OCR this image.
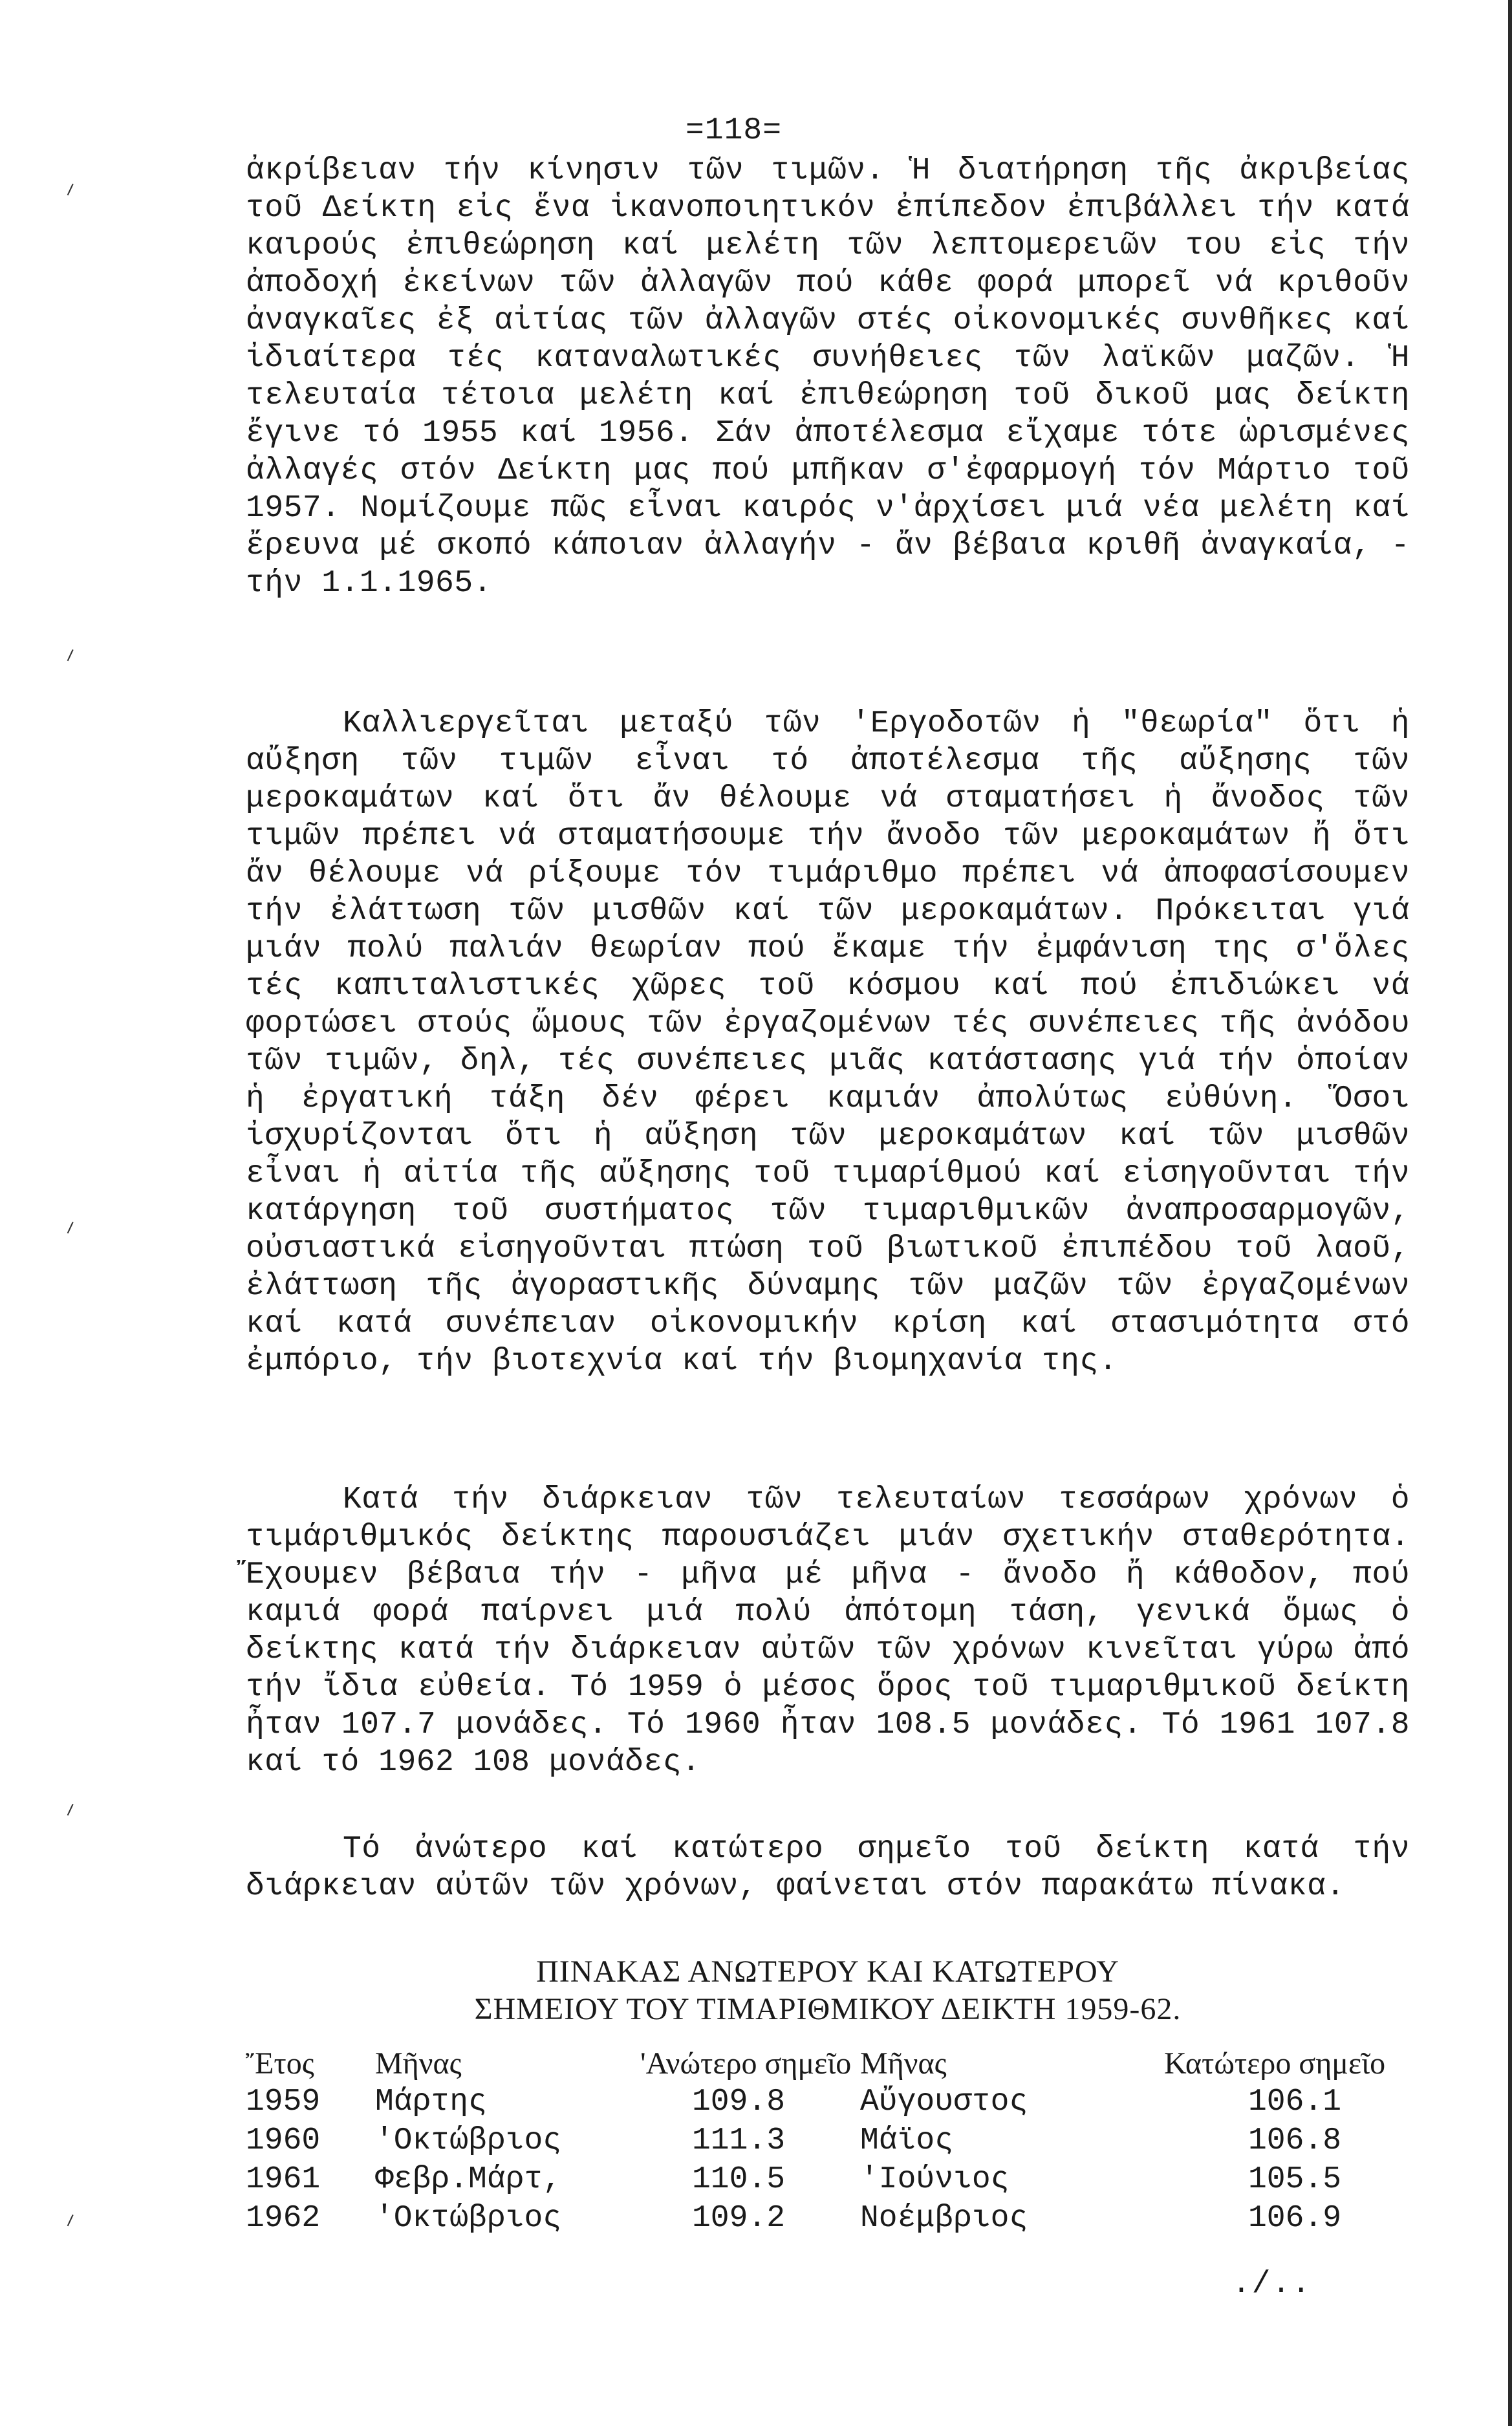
⸝
⸝
⸝
⸝
⸝
=118=

ἀκρίβειαν τήν κίνησιν τῶν τιμῶν. Ἡ διατήρηση τῆς ἀκριβείας τοῦ Δείκτη εἰς ἕνα ἱκανοποιητικόν ἐπίπεδον ἐπιβάλλει τήν κατά καιρούς ἐπιθεώρηση καί μελέτη τῶν λεπτομερειῶν του εἰς τήν ἀποδοχή ἐκείνων τῶν ἀλλαγῶν πού κάθε φορά μπορεῖ νά κριθοῦν ἀναγκαῖες ἐξ αἰτίας τῶν ἀλλαγῶν στές οἰκονομικές συνθῆκες καί ἰδιαίτερα τές καταναλωτικές συνήθειες τῶν λαϊκῶν μαζῶν. Ἡ τελευταία τέτοια μελέτη καί ἐπιθεώρηση τοῦ δικοῦ μας δείκτη ἔγινε τό 1955 καί 1956. Σάν ἀποτέλεσμα εἴχαμε τότε ὡρισμένες ἀλλαγές στόν Δείκτη μας πού μπῆκαν σ'ἐφαρμογή τόν Μάρτιο τοῦ 1957. Νομίζουμε πῶς εἶναι καιρός ν'ἀρχίσει μιά νέα μελέτη καί ἔρευνα μέ σκοπό κάποιαν ἀλλαγήν - ἄν βέβαια κριθῆ ἀναγκαία, - τήν 1.1.1965.

Καλλιεργεῖται μεταξύ τῶν 'Εργοδοτῶν ἡ "θεωρία" ὅτι ἡ αὔξηση τῶν τιμῶν εἶναι τό ἀποτέλεσμα τῆς αὔξησης τῶν μεροκαμάτων καί ὅτι ἄν θέλουμε νά σταματήσει ἡ ἄνοδος τῶν τιμῶν πρέπει νά σταματήσουμε τήν ἄνοδο τῶν μεροκαμάτων ἤ ὅτι ἄν θέλουμε νά ρίξουμε τόν τιμάριθμο πρέπει νά ἀποφασίσουμεν τήν ἐλάττωση τῶν μισθῶν καί τῶν μεροκαμάτων. Πρόκειται γιά μιάν πολύ παλιάν θεωρίαν πού ἔκαμε τήν ἐμφάνιση της σ'ὅλες τές καπιταλιστικές χῶρες τοῦ κόσμου καί πού ἐπιδιώκει νά φορτώσει στούς ὤμους τῶν ἐργαζομένων τές συνέπειες τῆς ἀνόδου τῶν τιμῶν, δηλ, τές συνέπειες μιᾶς κατάστασης γιά τήν ὁποίαν ἡ ἐργατική τάξη δέν φέρει καμιάν ἀπολύτως εὐθύνη. Ὅσοι ἰσχυρίζονται ὅτι ἡ αὔξηση τῶν μεροκαμάτων καί τῶν μισθῶν εἶναι ἡ αἰτία τῆς αὔξησης τοῦ τιμαρίθμού καί εἰσηγοῦνται τήν κατάργηση τοῦ συστήματος τῶν τιμαριθμικῶν ἀναπροσαρμογῶν, οὐσιαστικά εἰσηγοῦνται πτώση τοῦ βιωτικοῦ ἐπιπέδου τοῦ λαοῦ, ἐλάττωση τῆς ἀγοραστικῆς δύναμης τῶν μαζῶν τῶν ἐργαζομένων καί κατά συνέπειαν οἰκονομικήν κρίση καί στασιμότητα στό ἐμπόριο, τήν βιοτεχνία καί τήν βιομηχανία της.

Κατά τήν διάρκειαν τῶν τελευταίων τεσσάρων χρόνων ὁ τιμάριθμικός δείκτης παρουσιάζει μιάν σχετικήν σταθερότητα. Ἔχουμεν βέβαια τήν - μῆνα μέ μῆνα - ἄνοδο ἤ κάθοδον, πού καμιά φορά παίρνει μιά πολύ ἀπότομη τάση, γενικά ὅμως ὁ δείκτης κατά τήν διάρκειαν αὐτῶν τῶν χρόνων κινεῖται γύρω ἀπό τήν ἴδια εὐθεία. Τό 1959 ὁ μέσος ὅρος τοῦ τιμαριθμικοῦ δείκτη ἦταν 107.7 μονάδες. Τό 1960 ἦταν 108.5 μονάδες. Τό 1961 107.8 καί τό 1962 108 μονάδες.

Τό ἀνώτερο καί κατώτερο σημεῖο τοῦ δείκτη κατά τήν διάρκειαν αὐτῶν τῶν χρόνων, φαίνεται στόν παρακάτω πίνακα.

ΠΙΝΑΚΑΣ ΑΝΩΤΕΡΟΥ ΚΑΙ ΚΑΤΩΤΕΡΟΥ
ΣΗΜΕΙΟΥ ΤΟΥ ΤΙΜΑΡΙΘΜΙΚΟΥ ΔΕΙΚΤΗ 1959-62.
Ἔτος	Μῆνας	'Ανώτερο σημεῖο	Μῆνας	Κατώτερο σημεῖο
1959	Μάρτης	109.8	Αὔγουστος	106.1
1960	'Οκτώβριος	111.3	Μάϊος	106.8
1961	Φεβρ.Μάρτ,	110.5	'Ιούνιος	105.5
1962	'Οκτώβριος	109.2	Νοέμβριος	106.9
./..
